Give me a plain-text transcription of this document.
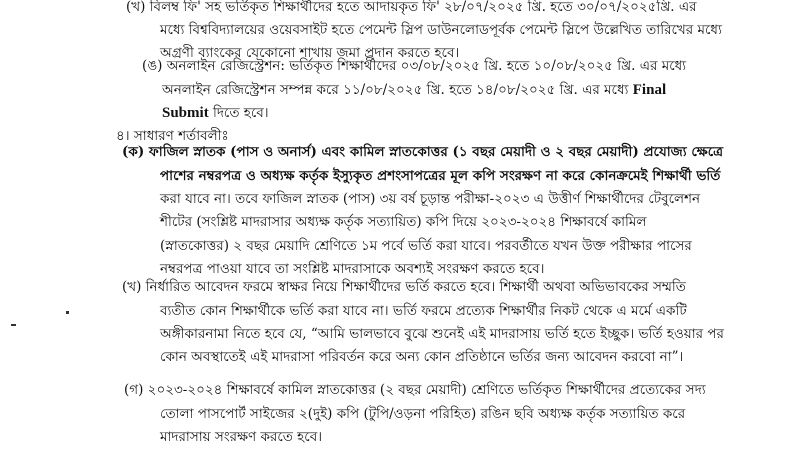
(খ) বিলম্ব ফি' সহ ভর্তিকৃত শিক্ষার্থীদের হতে আদায়কৃত ফি' ২৮/০৭/২০২৫ খ্রি. হতে ৩০/০৭/২০২৫খ্রি. এর
মধ্যে বিশ্ববিদ্যালয়ের ওয়েবসাইট হতে পেমেন্ট স্লিপ ডাউনলোডপূর্বক পেমেন্ট স্লিপে উল্লেখিত তারিখের মধ্যে
অগ্রণী ব্যাংকের যেকোনো শাখায় জমা প্রদান করতে হবে।
(ঙ) অনলাইন রেজিস্ট্রেশন: ভর্তিকৃত শিক্ষার্থীদের ০৩/০৮/২০২৫ খ্রি. হতে ১০/০৮/২০২৫ খ্রি. এর মধ্যে
অনলাইন রেজিস্ট্রেশন সম্পন্ন করে ১১/০৮/২০২৫ খ্রি. হতে ১৪/০৮/২০২৫ খ্রি. এর মধ্যে Final
Submit দিতে হবে।
৪। সাধারণ শর্তাবলীঃ
(ক) ফাজিল স্নাতক (পাস ও অনার্স) এবং কামিল স্নাতকোত্তর (১ বছর মেয়াদী ও ২ বছর মেয়াদী) প্রযোজ্য ক্ষেত্রে
পাশের নম্বরপত্র ও অধ্যক্ষ কর্তৃক ইস্যুকৃত প্রশংসাপত্রের মূল কপি সংরক্ষণ না করে কোনক্রমেই শিক্ষার্থী ভর্তি
করা যাবে না। তবে ফাজিল স্নাতক (পাস) ৩য় বর্ষ চূড়ান্ত পরীক্ষা-২০২৩ এ উত্তীর্ণ শিক্ষার্থীদের টেবুলেশন
শীটের (সংশ্লিষ্ট মাদরাসার অধ্যক্ষ কর্তৃক সত্যায়িত) কপি দিয়ে ২০২৩-২০২৪ শিক্ষাবর্ষে কামিল
(স্নাতকোত্তর) ২ বছর মেয়াদি শ্রেণিতে ১ম পর্বে ভর্তি করা যাবে। পরবর্তীতে যখন উক্ত পরীক্ষার পাসের
নম্বরপত্র পাওয়া যাবে তা সংশ্লিষ্ট মাদরাসাকে অবশ্যই সংরক্ষণ করতে হবে।
(খ) নির্ধারিত আবেদন ফরমে স্বাক্ষর নিয়ে শিক্ষার্থীদের ভর্তি করতে হবে। শিক্ষার্থী অথবা অভিভাবকের সম্মতি
ব্যতীত কোন শিক্ষার্থীকে ভর্তি করা যাবে না। ভর্তি ফরমে প্রত্যেক শিক্ষার্থীর নিকট থেকে এ মর্মে একটি
অঙ্গীকারনামা নিতে হবে যে, “আমি ভালভাবে বুঝে শুনেই এই মাদরাসায় ভর্তি হতে ইচ্ছুক। ভর্তি হওয়ার পর
কোন অবস্থাতেই এই মাদরাসা পরিবর্তন করে অন্য কোন প্রতিষ্ঠানে ভর্তির জন্য আবেদন করবো না”।
(গ) ২০২৩-২০২৪ শিক্ষাবর্ষে কামিল স্নাতকোত্তর (২ বছর মেয়াদী) শ্রেণিতে ভর্তিকৃত শিক্ষার্থীদের প্রত্যেকের সদ্য
তোলা পাসপোর্ট সাইজের ২(দুই) কপি (টুপি/ওড়না পরিহিত) রঙিন ছবি অধ্যক্ষ কর্তৃক সত্যায়িত করে
মাদরাসায় সংরক্ষণ করতে হবে।
